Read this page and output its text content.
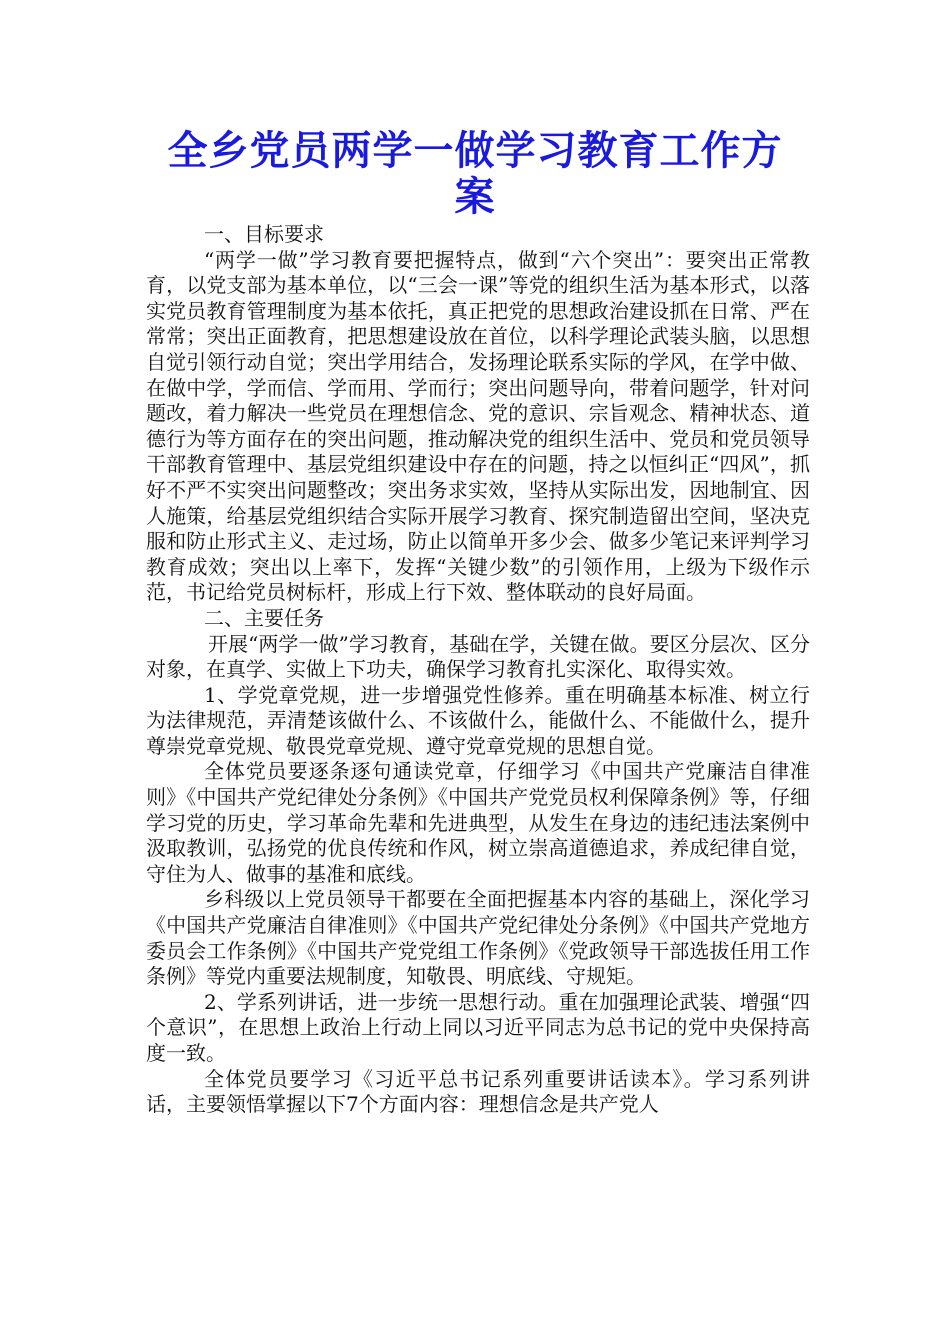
全乡党员两学一做学习教育工作方案

一、目标要求

“两学一做”学习教育要把握特点，做到“六个突出”：要突出正常教育，以党支部为基本单位，以“三会一课”等党的组织生活为基本形式，以落实党员教育管理制度为基本依托，真正把党的思想政治建设抓在日常、严在常常；突出正面教育，把思想建设放在首位，以科学理论武装头脑，以思想自觉引领行动自觉；突出学用结合，发扬理论联系实际的学风，在学中做、在做中学，学而信、学而用、学而行；突出问题导向，带着问题学，针对问题改，着力解决一些党员在理想信念、党的意识、宗旨观念、精神状态、道德行为等方面存在的突出问题，推动解决党的组织生活中、党员和党员领导干部教育管理中、基层党组织建设中存在的问题，持之以恒纠正“四风”，抓好不严不实突出问题整改；突出务求实效，坚持从实际出发，因地制宜、因人施策，给基层党组织结合实际开展学习教育、探究制造留出空间，坚决克服和防止形式主义、走过场，防止以简单开多少会、做多少笔记来评判学习教育成效；突出以上率下，发挥“关键少数”的引领作用，上级为下级作示范，书记给党员树标杆，形成上行下效、整体联动的良好局面。

二、主要任务

开展“两学一做”学习教育，基础在学，关键在做。要区分层次、区分对象，在真学、实做上下功夫，确保学习教育扎实深化、取得实效。

1、学党章党规，进一步增强党性修养。重在明确基本标准、树立行为法律规范，弄清楚该做什么、不该做什么，能做什么、不能做什么，提升尊崇党章党规、敬畏党章党规、遵守党章党规的思想自觉。

全体党员要逐条逐句通读党章，仔细学习《中国共产党廉洁自律准则》《中国共产党纪律处分条例》《中国共产党党员权利保障条例》等，仔细学习党的历史，学习革命先辈和先进典型，从发生在身边的违纪违法案例中汲取教训，弘扬党的优良传统和作风，树立崇高道德追求，养成纪律自觉，守住为人、做事的基准和底线。

乡科级以上党员领导干都要在全面把握基本内容的基础上，深化学习《中国共产党廉洁自律准则》《中国共产党纪律处分条例》《中国共产党地方委员会工作条例》《中国共产党党组工作条例》《党政领导干部选拔任用工作条例》等党内重要法规制度，知敬畏、明底线、守规矩。

2、学系列讲话，进一步统一思想行动。重在加强理论武装、增强“四个意识”，在思想上政治上行动上同以习近平同志为总书记的党中央保持高度一致。

全体党员要学习《习近平总书记系列重要讲话读本》。学习系列讲话，主要领悟掌握以下7个方面内容：理想信念是共产党人
